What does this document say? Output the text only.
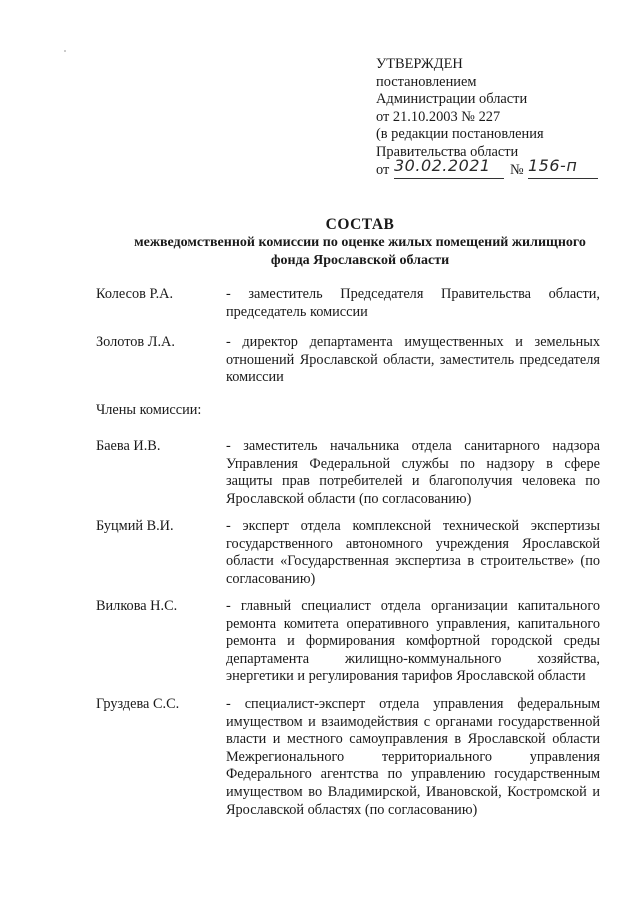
УТВЕРЖДЕН
постановлением
Администрации области
от 21.10.2003 № 227
(в редакции постановления
Правительства области
от 30.02.2021 № 156-п
СОСТАВ
межведомственной комиссии по оценке жилых помещений жилищного
фонда Ярославской области
Колесов Р.А.	- заместитель Председателя Правительства области, председатель комиссии
Золотов Л.А.	- директор департамента имущественных и земельных отношений Ярославской области, заместитель председателя комиссии
Члены комиссии:
Баева И.В.	- заместитель начальника отдела санитарного надзора Управления Федеральной службы по надзору в сфере защиты прав потребителей и благополучия человека по Ярославской области (по согласованию)
Буцмий В.И.	- эксперт отдела комплексной технической экспертизы государственного автономного учреждения Ярославской области «Государственная экспертиза в строительстве» (по согласованию)
Вилкова Н.С.	- главный специалист отдела организации капитального ремонта комитета оперативного управления, капитального ремонта и формирования комфортной городской среды департамента жилищно-коммунального хозяйства, энергетики и регулирования тарифов Ярославской области
Груздева С.С.	- специалист-эксперт отдела управления федеральным имуществом и взаимодействия с органами государственной власти и местного самоуправления в Ярославской области Межрегионального территориального управления Федерального агентства по управлению государственным имуществом во Владимирской, Ивановской, Костромской и Ярославской областях (по согласованию)
